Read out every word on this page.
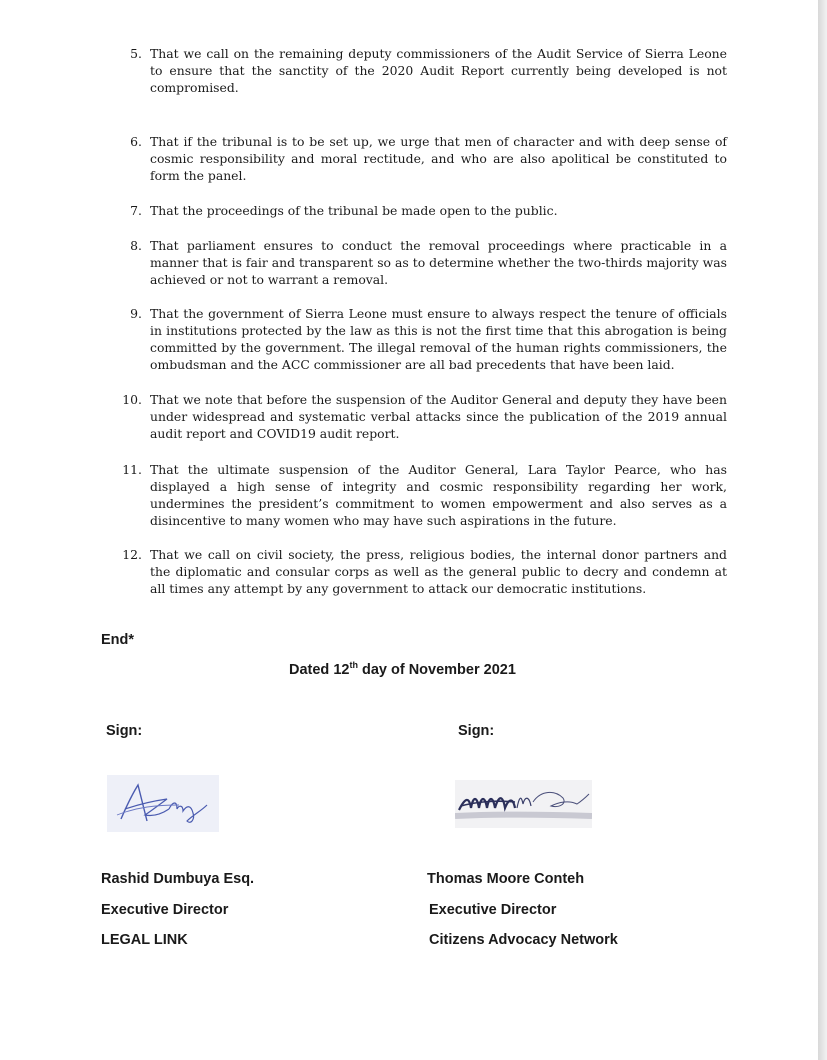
5. That we call on the remaining deputy commissioners of the Audit Service of Sierra Leone to ensure that the sanctity of the 2020 Audit Report currently being developed is not compromised.
6. That if the tribunal is to be set up, we urge that men of character and with deep sense of cosmic responsibility and moral rectitude, and who are also apolitical be constituted to form the panel.
7. That the proceedings of the tribunal be made open to the public.
8. That parliament ensures to conduct the removal proceedings where practicable in a manner that is fair and transparent so as to determine whether the two-thirds majority was achieved or not to warrant a removal.
9. That the government of Sierra Leone must ensure to always respect the tenure of officials in institutions protected by the law as this is not the first time that this abrogation is being committed by the government. The illegal removal of the human rights commissioners, the ombudsman and the ACC commissioner are all bad precedents that have been laid.
10. That we note that before the suspension of the Auditor General and deputy they have been under widespread and systematic verbal attacks since the publication of the 2019 annual audit report and COVID19 audit report.
11. That the ultimate suspension of the Auditor General, Lara Taylor Pearce, who has displayed a high sense of integrity and cosmic responsibility regarding her work, undermines the president’s commitment to women empowerment and also serves as a disincentive to many women who may have such aspirations in the future.
12. That we call on civil society, the press, religious bodies, the internal donor partners and the diplomatic and consular corps as well as the general public to decry and condemn at all times any attempt by any government to attack our democratic institutions.
End*
Dated 12th day of November 2021
Sign:	Sign:
Rashid Dumbuya Esq.
Executive Director
LEGAL LINK
Thomas Moore Conteh
Executive Director
Citizens Advocacy Network
